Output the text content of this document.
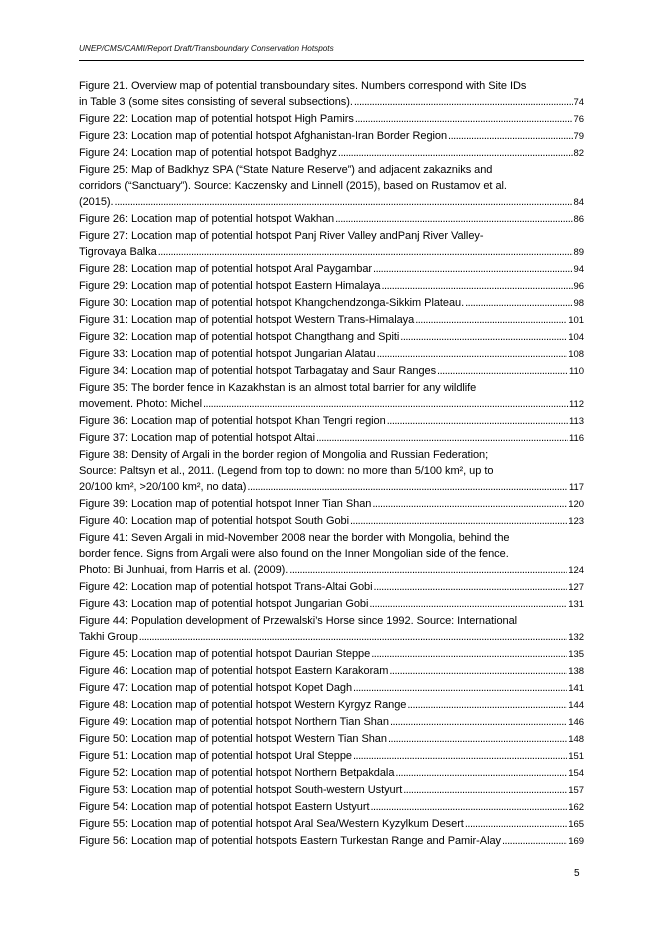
UNEP/CMS/CAMI/Report Draft/Transboundary Conservation Hotspots
Figure 21. Overview map of potential transboundary sites. Numbers correspond with Site IDs
in Table 3 (some sites consisting of several subsections). .....	74
Figure 22: Location map of potential hotspot High Pamirs .....	76
Figure 23: Location map of potential hotspot Afghanistan-Iran Border Region .....	79
Figure 24: Location map of potential hotspot Badghyz .....	82
Figure 25: Map of Badkhyz SPA (“State Nature Reserve”) and adjacent zakazniks and
corridors (“Sanctuary”). Source: Kaczensky and Linnell (2015), based on Rustamov et al.
(2015). .....	84
Figure 26: Location map of potential hotspot Wakhan .....	86
Figure 27: Location map of potential hotspot Panj River Valley andPanj River Valley-
Tigrovaya Balka .....	89
Figure 28: Location map of potential hotspot Aral Paygambar .....	94
Figure 29: Location map of potential hotspot Eastern Himalaya .....	96
Figure 30: Location map of potential hotspot Khangchendzonga-Sikkim Plateau. .....	98
Figure 31: Location map of potential hotspot Western Trans-Himalaya .....	101
Figure 32: Location map of potential hotspot Changthang and Spiti .....	104
Figure 33: Location map of potential hotspot Jungarian Alatau .....	108
Figure 34: Location map of potential hotspot Tarbagatay and Saur Ranges .....	110
Figure 35: The border fence in Kazakhstan is an almost total barrier for any wildlife
movement. Photo: Michel .....	112
Figure 36: Location map of potential hotspot Khan Tengri region .....	113
Figure 37: Location map of potential hotspot Altai .....	116
Figure 38: Density of Argali in the border region of Mongolia and Russian Federation;
Source: Paltsyn et al., 2011. (Legend from top to down: no more than 5/100 km², up to
20/100 km², >20/100 km², no data) .....	117
Figure 39: Location map of potential hotspot Inner Tian Shan .....	120
Figure 40: Location map of potential hotspot South Gobi .....	123
Figure 41: Seven Argali in mid-November 2008 near the border with Mongolia, behind the
border fence. Signs from Argali were also found on the Inner Mongolian side of the fence.
Photo: Bi Junhuai, from Harris et al. (2009). .....	124
Figure 42: Location map of potential hotspot Trans-Altai Gobi .....	127
Figure 43: Location map of potential hotspot Jungarian Gobi .....	131
Figure 44: Population development of Przewalski’s Horse since 1992. Source: International
Takhi Group .....	132
Figure 45: Location map of potential hotspot Daurian Steppe .....	135
Figure 46: Location map of potential hotspot Eastern Karakoram .....	138
Figure 47: Location map of potential hotspot Kopet Dagh .....	141
Figure 48: Location map of potential hotspot Western Kyrgyz Range .....	144
Figure 49: Location map of potential hotspot Northern Tian Shan .....	146
Figure 50: Location map of potential hotspot Western Tian Shan .....	148
Figure 51: Location map of potential hotspot Ural Steppe .....	151
Figure 52: Location map of potential hotspot Northern Betpakdala .....	154
Figure 53: Location map of potential hotspot South-western Ustyurt .....	157
Figure 54: Location map of potential hotspot Eastern Ustyurt .....	162
Figure 55: Location map of potential hotspot Aral Sea/Western Kyzylkum Desert .....	165
Figure 56: Location map of potential hotspots Eastern Turkestan Range and Pamir-Alay .....	169
5
